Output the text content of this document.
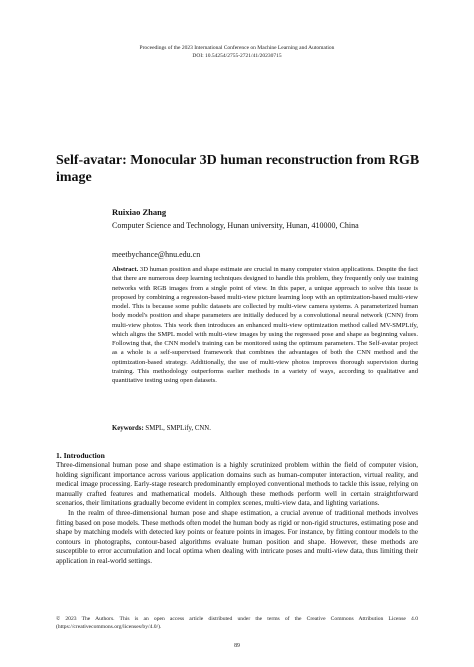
Proceedings of the 2023 International Conference on Machine Learning and Automation
DOI: 10.54254/2755-2721/41/20230715
Self-avatar: Monocular 3D human reconstruction from RGB image
Ruixiao Zhang
Computer Science and Technology, Hunan university, Hunan, 410000, China
meetbychance@hnu.edu.cn

Abstract. 3D human position and shape estimate are crucial in many computer vision applications. Despite the fact that there are numerous deep learning techniques designed to handle this problem, they frequently only use training networks with RGB images from a single point of view. In this paper, a unique approach to solve this issue is proposed by combining a regression-based multi-view picture learning loop with an optimization-based multi-view model. This is because some public datasets are collected by multi-view camera systems. A parameterized human body model's position and shape parameters are initially deduced by a convolutional neural network (CNN) from multi-view photos. This work then introduces an enhanced multi-view optimization method called MV-SMPLify, which aligns the SMPL model with multi-view images by using the regressed pose and shape as beginning values. Following that, the CNN model's training can be monitored using the optimum parameters. The Self-avatar project as a whole is a self-supervised framework that combines the advantages of both the CNN method and the optimization-based strategy. Additionally, the use of multi-view photos improves thorough supervision during training. This methodology outperforms earlier methods in a variety of ways, according to qualitative and quantitative testing using open datasets.

Keywords: SMPL, SMPLify, CNN.
1. Introduction

Three-dimensional human pose and shape estimation is a highly scrutinized problem within the field of computer vision, holding significant importance across various application domains such as human-computer interaction, virtual reality, and medical image processing. Early-stage research predominantly employed conventional methods to tackle this issue, relying on manually crafted features and mathematical models. Although these methods perform well in certain straightforward scenarios, their limitations gradually become evident in complex scenes, multi-view data, and lighting variations.

In the realm of three-dimensional human pose and shape estimation, a crucial avenue of traditional methods involves fitting based on pose models. These methods often model the human body as rigid or non-rigid structures, estimating pose and shape by matching models with detected key points or feature points in images. For instance, by fitting contour models to the contours in photographs, contour-based algorithms evaluate human position and shape. However, these methods are susceptible to error accumulation and local optima when dealing with intricate poses and multi-view data, thus limiting their application in real-world settings.

© 2023 The Authors. This is an open access article distributed under the terms of the Creative Commons Attribution License 4.0 (https://creativecommons.org/licenses/by/4.0/).
89
